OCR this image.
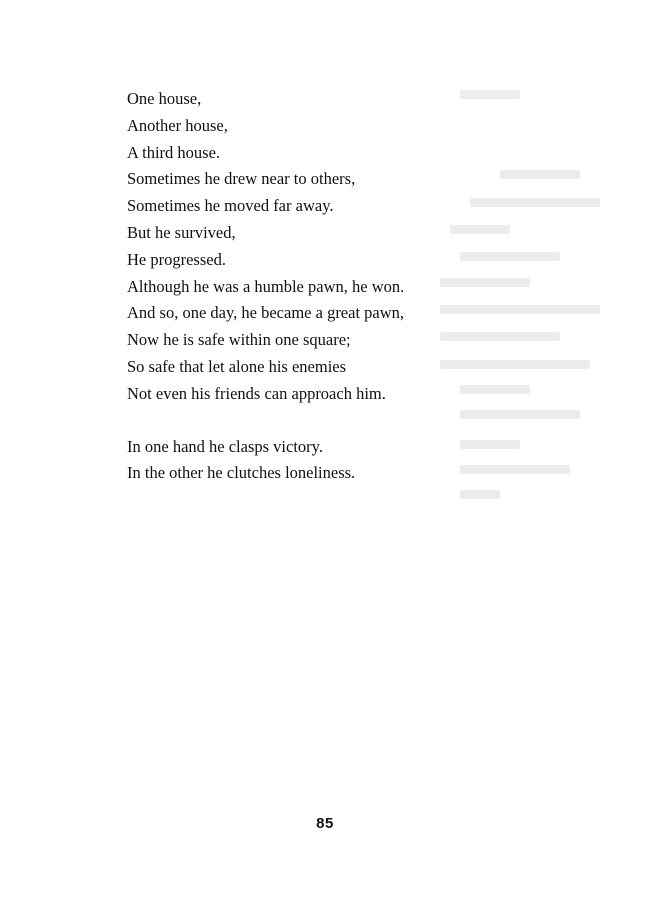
One house,
Another house,
A third house.
Sometimes he drew near to others,
Sometimes he moved far away.
But he survived,
He progressed.
Although he was a humble pawn, he won.
And so, one day, he became a great pawn,
Now he is safe within one square;
So safe that let alone his enemies
Not even his friends can approach him.
In one hand he clasps victory.
In the other he clutches loneliness.
85
